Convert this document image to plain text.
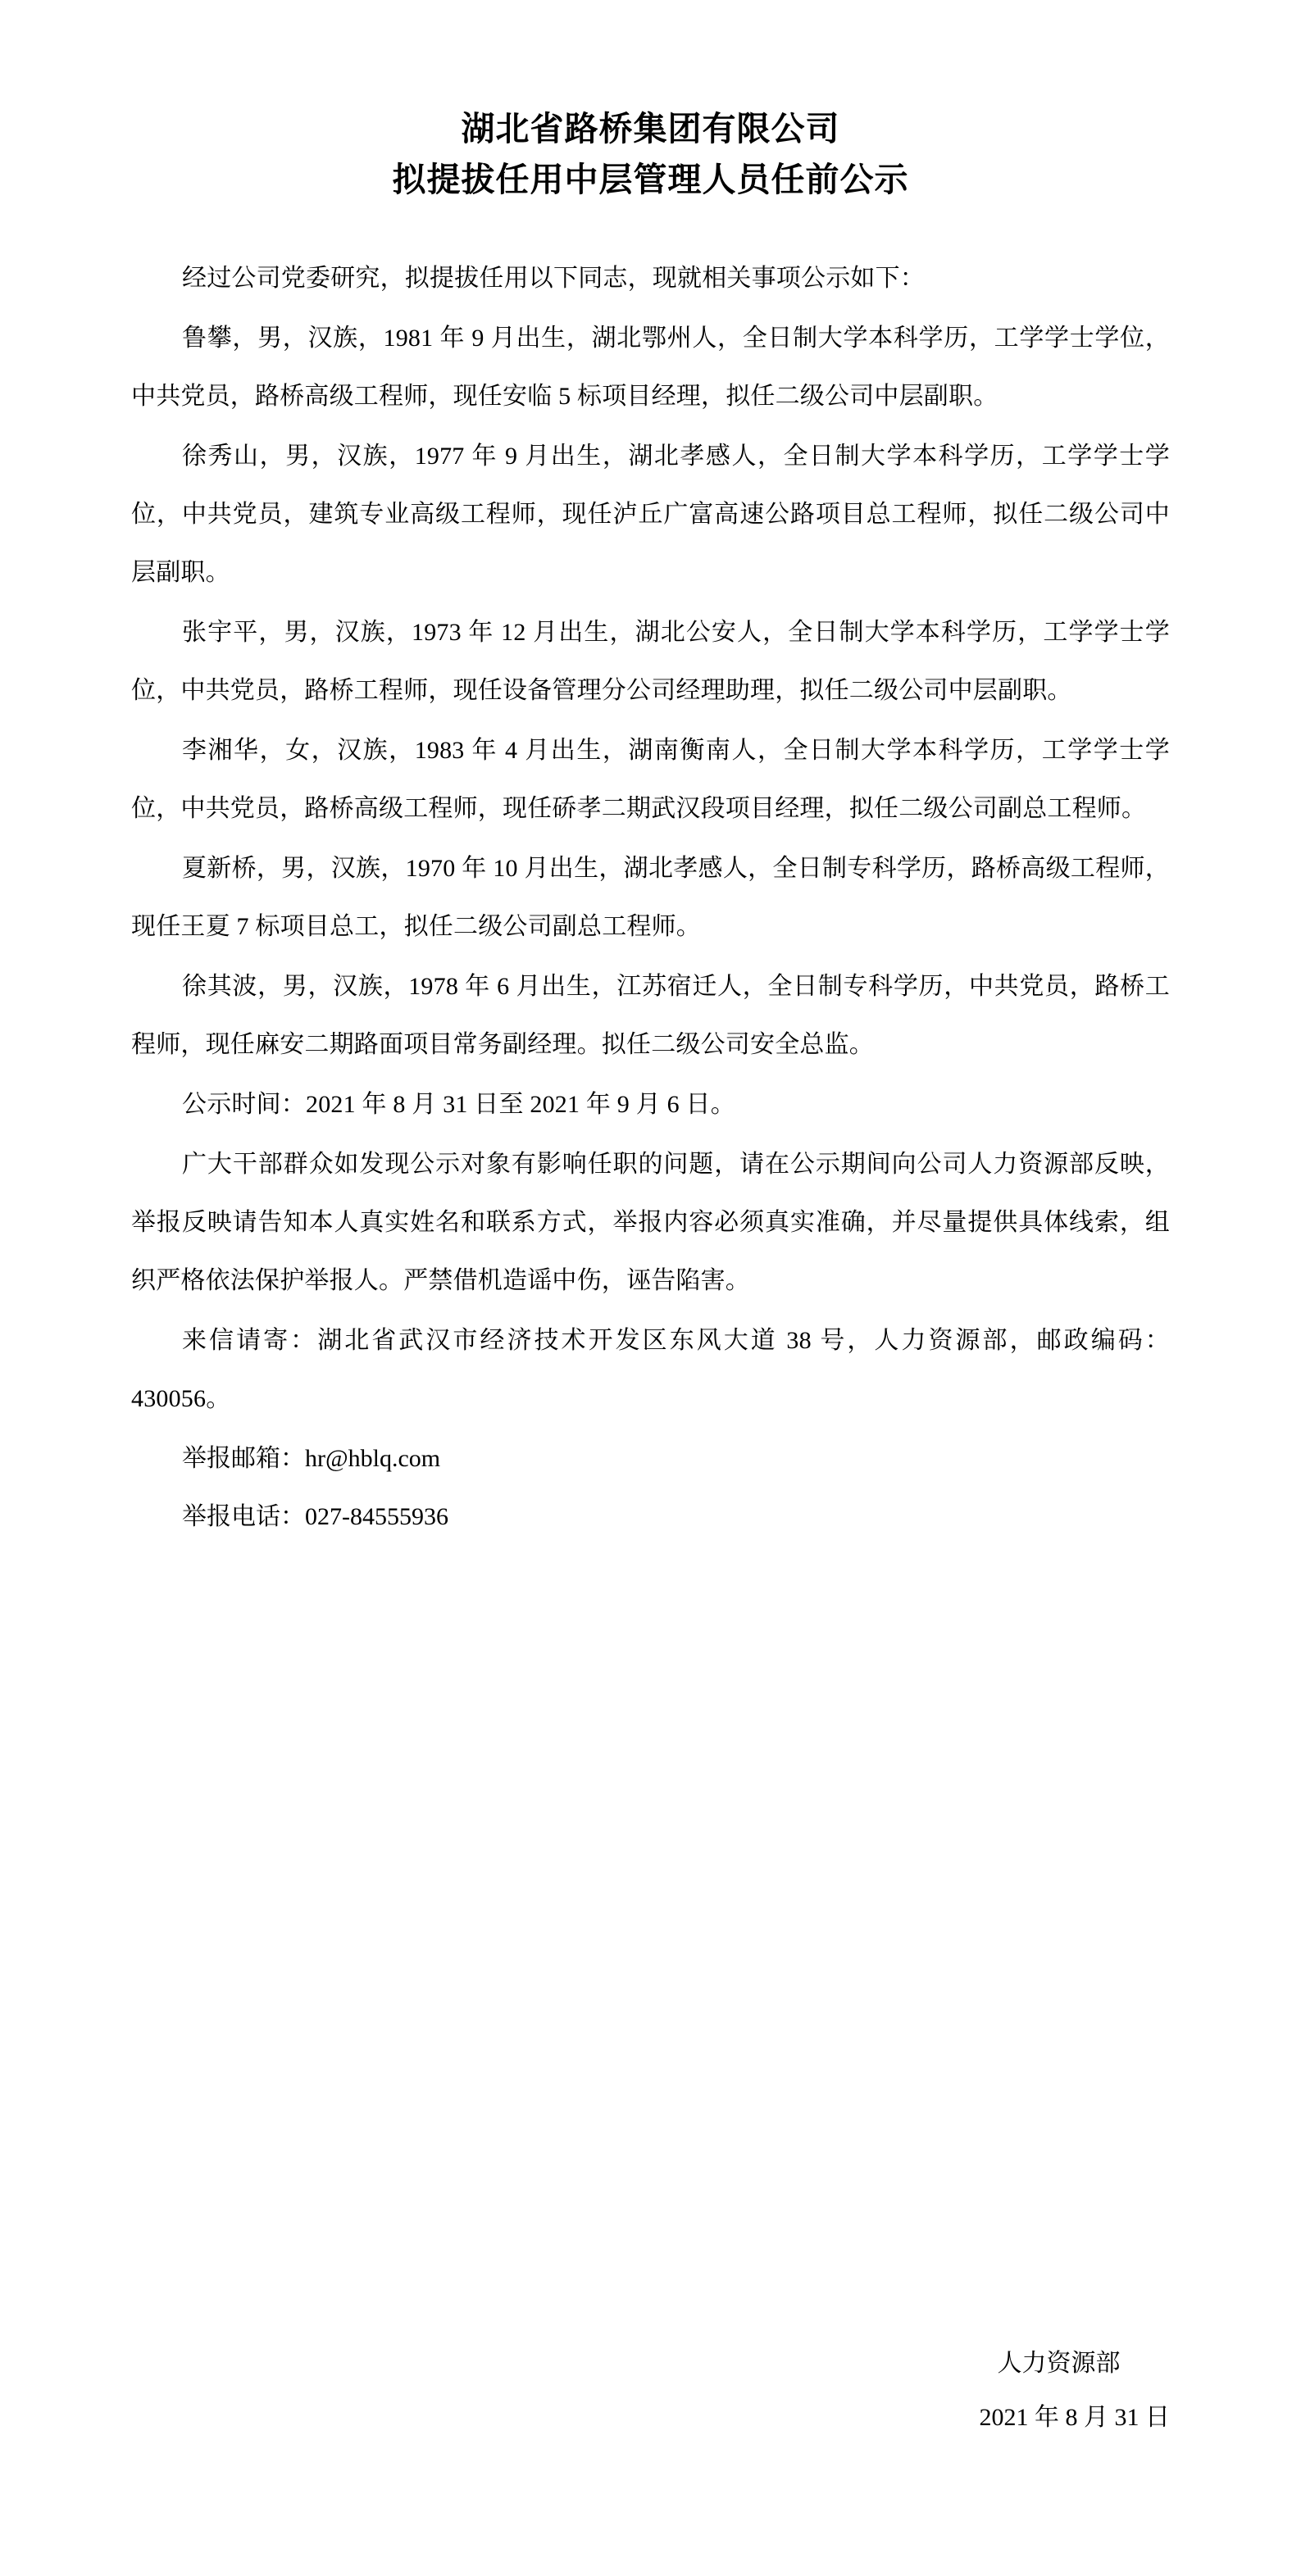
湖北省路桥集团有限公司
拟提拔任用中层管理人员任前公示

经过公司党委研究，拟提拔任用以下同志，现就相关事项公示如下：

鲁攀，男，汉族，1981 年 9 月出生，湖北鄂州人，全日制大学本科学历，工学学士学位，中共党员，路桥高级工程师，现任安临 5 标项目经理，拟任二级公司中层副职。

徐秀山，男，汉族，1977 年 9 月出生，湖北孝感人，全日制大学本科学历，工学学士学位，中共党员，建筑专业高级工程师，现任泸丘广富高速公路项目总工程师，拟任二级公司中层副职。

张宇平，男，汉族，1973 年 12 月出生，湖北公安人，全日制大学本科学历，工学学士学位，中共党员，路桥工程师，现任设备管理分公司经理助理，拟任二级公司中层副职。

李湘华，女，汉族，1983 年 4 月出生，湖南衡南人，全日制大学本科学历，工学学士学位，中共党员，路桥高级工程师，现任硚孝二期武汉段项目经理，拟任二级公司副总工程师。

夏新桥，男，汉族，1970 年 10 月出生，湖北孝感人，全日制专科学历，路桥高级工程师，现任王夏 7 标项目总工，拟任二级公司副总工程师。

徐其波，男，汉族，1978 年 6 月出生，江苏宿迁人，全日制专科学历，中共党员，路桥工程师，现任麻安二期路面项目常务副经理。拟任二级公司安全总监。

公示时间：2021 年 8 月 31 日至 2021 年 9 月 6 日。

广大干部群众如发现公示对象有影响任职的问题，请在公示期间向公司人力资源部反映，举报反映请告知本人真实姓名和联系方式，举报内容必须真实准确，并尽量提供具体线索，组织严格依法保护举报人。严禁借机造谣中伤，诬告陷害。

来信请寄：湖北省武汉市经济技术开发区东风大道 38 号，人力资源部，邮政编码：430056。

举报邮箱：hr@hblq.com

举报电话：027-84555936

人力资源部
2021 年 8 月 31 日
